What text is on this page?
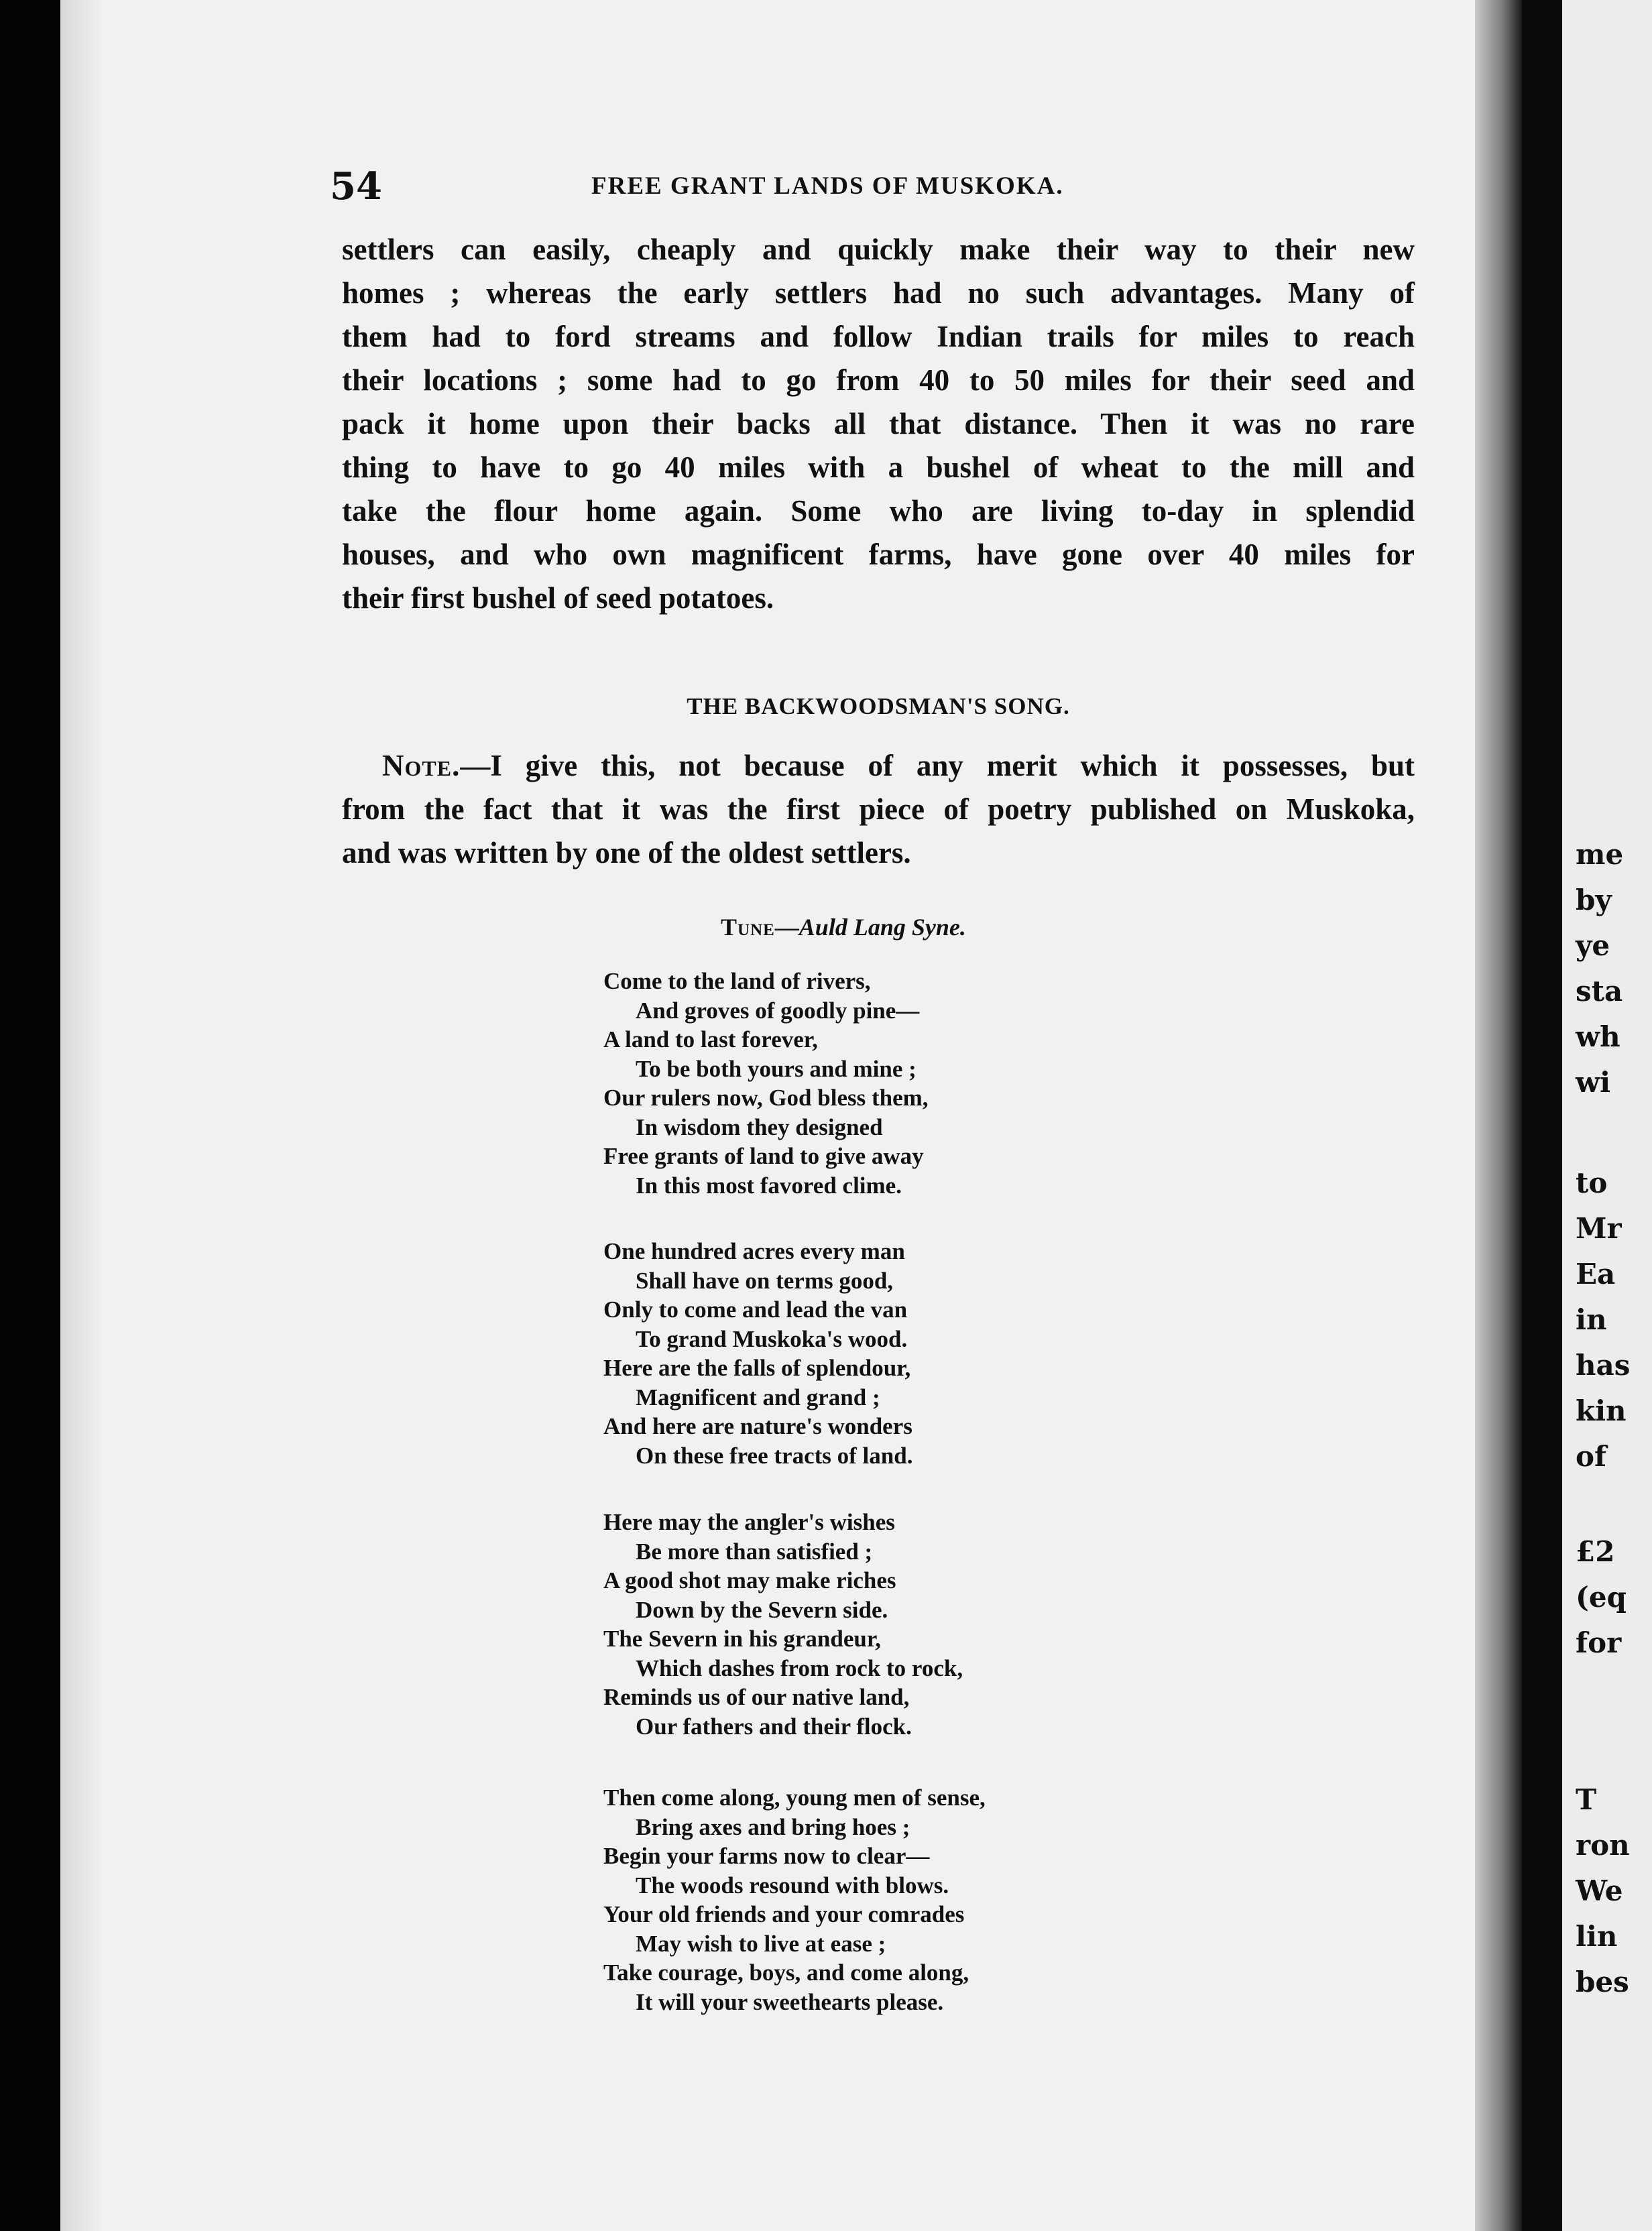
me
by
ye
sta
wh
wi
to
Mr
Ea
in
has
kin
of
£2
(eq
for
T
ron
We
lin
bes
54	FREE GRANT LANDS OF MUSKOKA.

settlers can easily, cheaply and quickly make their way to their new
homes ; whereas the early settlers had no such advantages. Many of
them had to ford streams and follow Indian trails for miles to reach
their locations ; some had to go from 40 to 50 miles for their seed and
pack it home upon their backs all that distance. Then it was no rare
thing to have to go 40 miles with a bushel of wheat to the mill and
take the flour home again. Some who are living to-day in splendid
houses, and who own magnificent farms, have gone over 40 miles for
their first bushel of seed potatoes.

THE BACKWOODSMAN'S SONG.

Note.—I give this, not because of any merit which it possesses, but
from the fact that it was the first piece of poetry published on Muskoka,
and was written by one of the oldest settlers.

Tune—Auld Lang Syne.

Come to the land of rivers,
And groves of goodly pine—
A land to last forever,
To be both yours and mine ;
Our rulers now, God bless them,
In wisdom they designed
Free grants of land to give away
In this most favored clime.
One hundred acres every man
Shall have on terms good,
Only to come and lead the van
To grand Muskoka's wood.
Here are the falls of splendour,
Magnificent and grand ;
And here are nature's wonders
On these free tracts of land.
Here may the angler's wishes
Be more than satisfied ;
A good shot may make riches
Down by the Severn side.
The Severn in his grandeur,
Which dashes from rock to rock,
Reminds us of our native land,
Our fathers and their flock.
Then come along, young men of sense,
Bring axes and bring hoes ;
Begin your farms now to clear—
The woods resound with blows.
Your old friends and your comrades
May wish to live at ease ;
Take courage, boys, and come along,
It will your sweethearts please.
